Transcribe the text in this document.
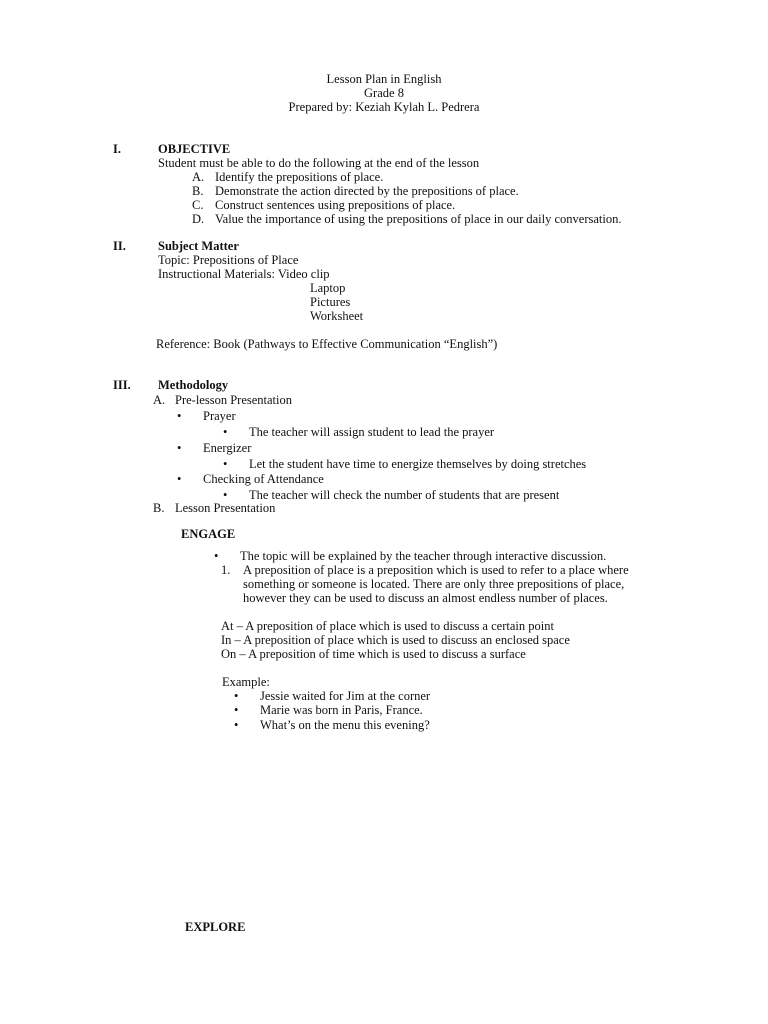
Lesson Plan in English
Grade 8
Prepared by: Keziah Kylah L. Pedrera
I.	OBJECTIVE
Student must be able to do the following at the end of the lesson
A. Identify the prepositions of place.
B. Demonstrate the action directed by the prepositions of place.
C. Construct sentences using prepositions of place.
D. Value the importance of using the prepositions of place in our daily conversation.
II.	Subject Matter
Topic: Prepositions of Place
Instructional Materials: Video clip
Laptop
Pictures
Worksheet
Reference: Book (Pathways to Effective Communication “English”)
III. Methodology
A. Pre-lesson Presentation
• Prayer
• The teacher will assign student to lead the prayer
• Energizer
• Let the student have time to energize themselves by doing stretches
• Checking of Attendance
• The teacher will check the number of students that are present
B. Lesson Presentation
ENGAGE
• The topic will be explained by the teacher through interactive discussion.
1. A preposition of place is a preposition which is used to refer to a place where
something or someone is located. There are only three prepositions of place,
however they can be used to discuss an almost endless number of places.
At – A preposition of place which is used to discuss a certain point
In – A preposition of place which is used to discuss an enclosed space
On – A preposition of time which is used to discuss a surface
Example:
• Jessie waited for Jim at the corner
• Marie was born in Paris, France.
• What’s on the menu this evening?
EXPLORE
